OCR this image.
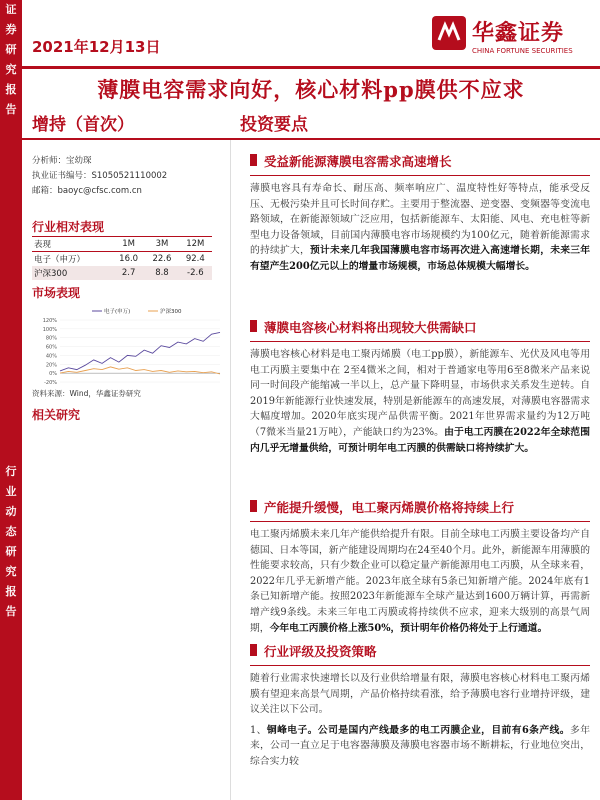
证
券
研
究
报
告
行
业
动
态
研
究
报
告
2021年12月13日
华鑫证券
CHINA FORTUNE SECURITIES
薄膜电容需求向好，核心材料pp膜供不应求
增持（首次）	投资要点
分析师：宝幼琛
执业证书编号：S1050521110002
邮箱：baoyc@cfsc.com.cn
行业相对表现
表现	1M	3M	12M
电子（申万）	16.0	22.6	92.4
沪深300	2.7	8.8	-2.6
市场表现
120%
100%
80%
60%
40%
20%
0%
-20%
电子(申万)	沪深300
资料来源：Wind，华鑫证券研究
相关研究
受益新能源薄膜电容需求高速增长
薄膜电容具有寿命长、耐压高、频率响应广、温度特性好等特点，能承受反压、无极污染并且可长时间存贮。主要用于整流器、逆变器、变频器等变流电路领域，在新能源领域广泛应用，包括新能源车、太阳能、风电、充电桩等新型电力设备领域，目前国内薄膜电容市场规模约为100亿元，随着新能源需求的持续扩大，预计未来几年我国薄膜电容市场再次进入高速增长期，未来三年有望产生200亿元以上的增量市场规模，市场总体规模大幅增长。
薄膜电容核心材料将出现较大供需缺口
薄膜电容核心材料是电工聚丙烯膜（电工pp膜），新能源车、光伏及风电等用电工丙膜主要集中在 2至4微米之间，相对于普通家电等用6至8微米产品来说同一时间段产能缩减一半以上，总产量下降明显，市场供求关系发生逆转。自2019年新能源行业快速发展，特别是新能源车的高速发展，对薄膜电容器需求大幅度增加。2020年底实现产品供需平衡。2021年世界需求量约为12万吨（7微米当量21万吨），产能缺口约为23%。由于电工丙膜在2022年全球范围内几乎无增量供给，可预计明年电工丙膜的供需缺口将持续扩大。
产能提升缓慢，电工聚丙烯膜价格将持续上行
电工聚丙烯膜未来几年产能供给提升有限。目前全球电工丙膜主要设备均产自德国、日本等国，新产能建设周期均在24至40个月。此外，新能源车用薄膜的性能要求较高，只有少数企业可以稳定量产新能源用电工丙膜，从全球来看，2022年几乎无新增产能。2023年底全球有5条已知新增产能。2024年底有1条已知新增产能。按照2023年新能源车全球产量达到1600万辆计算，再需新增产线9条线。未来三年电工丙膜或将持续供不应求，迎来大级别的高景气周期，今年电工丙膜价格上涨50%，预计明年价格仍将处于上行通道。
行业评级及投资策略
随着行业需求快速增长以及行业供给增量有限，薄膜电容核心材料电工聚丙烯膜有望迎来高景气周期，产品价格持续看涨，给予薄膜电容行业增持评级，建议关注以下公司。
1、铜峰电子。公司是国内产线最多的电工丙膜企业，目前有6条产线。多年来，公司一直立足于电容器薄膜及薄膜电容器市场不断耕耘，行业地位突出，综合实力较
